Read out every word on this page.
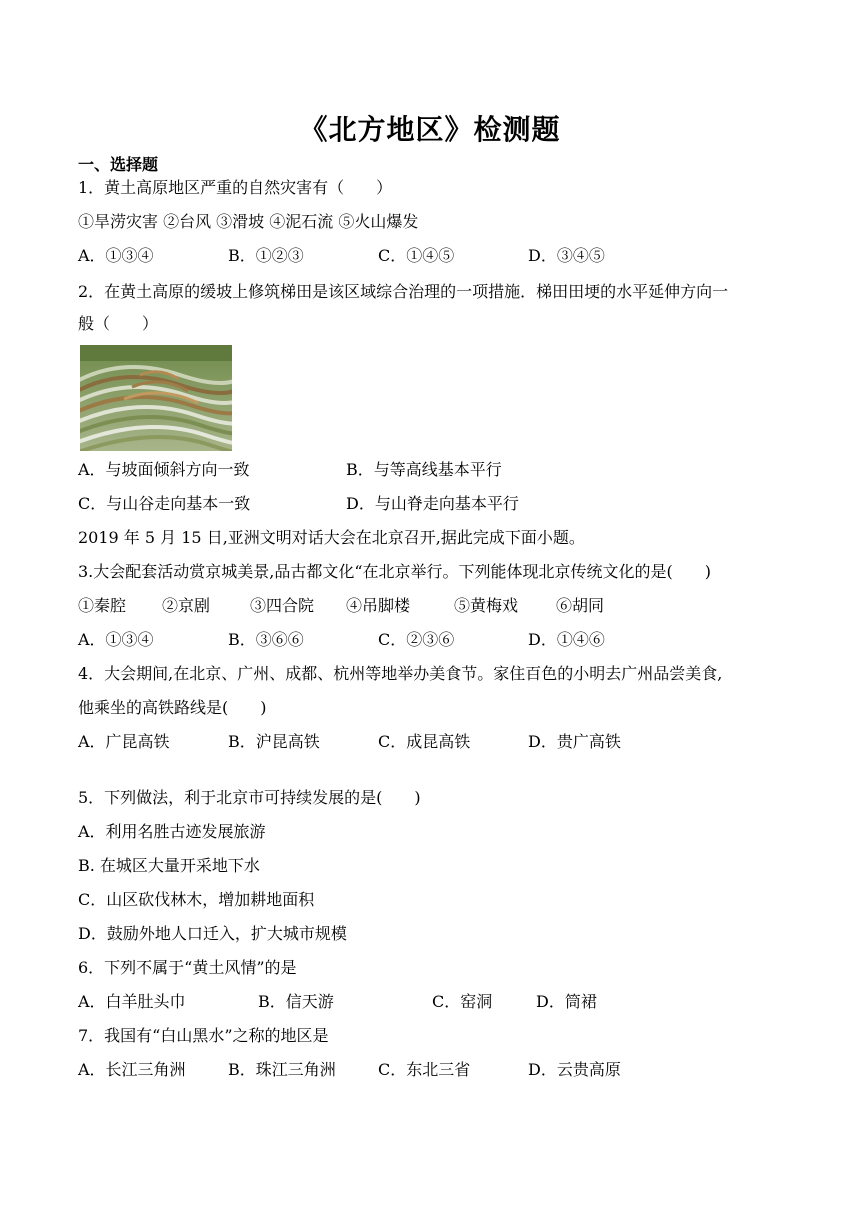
《北方地区》检测题
一、选择题
1．黄土高原地区严重的自然灾害有（　　）
①旱涝灾害 ②台风 ③滑坡 ④泥石流 ⑤火山爆发
A．①③④	B．①②③	C．①④⑤	D．③④⑤
2．在黄土高原的缓坡上修筑梯田是该区域综合治理的一项措施．梯田田埂的水平延伸方向一
般（　　）
A．与坡面倾斜方向一致	B．与等高线基本平行
C．与山谷走向基本一致	D．与山脊走向基本平行
2019 年 5 月 15 日,亚洲文明对话大会在北京召开,据此完成下面小题。
3.大会配套活动赏京城美景,品古都文化“在北京举行。下列能体现北京传统文化的是(　　)
①秦腔 ②京剧 ③四合院 ④吊脚楼	⑤黄梅戏 ⑥胡同
A．①③④	B．③⑥⑥	C．②③⑥	D．①④⑥
4．大会期间,在北京、广州、成都、杭州等地举办美食节。家住百色的小明去广州品尝美食,
他乘坐的高铁路线是(　　)
A．广昆高铁	B．沪昆高铁	C．成昆高铁	D．贵广高铁
5．下列做法，利于北京市可持续发展的是(　　)
A．利用名胜古迹发展旅游
B. 在城区大量开采地下水
C．山区砍伐林木，增加耕地面积
D．鼓励外地人口迁入，扩大城市规模
6．下列不属于“黄土风情”的是
A．白羊肚头巾	B．信天游	C．窑洞	D．筒裙
7．我国有“白山黑水”之称的地区是
A．长江三角洲	B．珠江三角洲	C．东北三省	D．云贵高原
